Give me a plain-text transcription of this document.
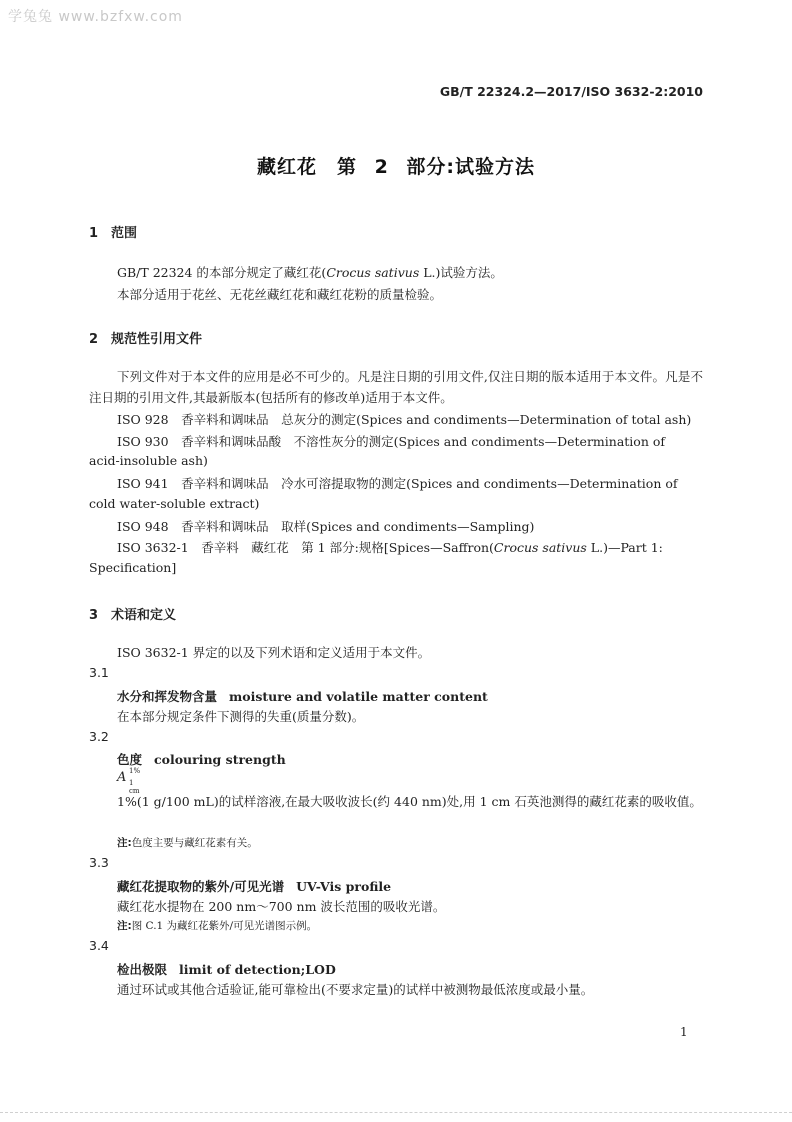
学兔兔 www.bzfxw.com
GB/T 22324.2—2017/ISO 3632-2:2010
藏红花　第 2 部分:试验方法
1 范围
GB/T 22324 的本部分规定了藏红花(Crocus sativus L.)试验方法。
本部分适用于花丝、无花丝藏红花和藏红花粉的质量检验。
2 规范性引用文件

下列文件对于本文件的应用是必不可少的。凡是注日期的引用文件,仅注日期的版本适用于本文件。凡是不注日期的引用文件,其最新版本(包括所有的修改单)适用于本文件。

ISO 928　香辛料和调味品　总灰分的测定(Spices and condiments—Determination of total ash)
ISO 930　香辛料和调味品酸　不溶性灰分的测定(Spices and condiments—Determination of
acid-insoluble ash)
ISO 941　香辛料和调味品　冷水可溶提取物的测定(Spices and condiments—Determination of
cold water-soluble extract)
ISO 948　香辛料和调味品　取样(Spices and condiments—Sampling)
ISO 3632-1　香辛料　藏红花　第 1 部分:规格[Spices—Saffron(Crocus sativus L.)—Part 1:
Specification]
3 术语和定义
ISO 3632-1 界定的以及下列术语和定义适用于本文件。
3.1
水分和挥发物含量 moisture and volatile matter content
在本部分规定条件下测得的失重(质量分数)。
3.2
色度 colouring strength
A 1%
1 cm

1%(1 g/100 mL)的试样溶液,在最大吸收波长(约 440 nm)处,用 1 cm 石英池测得的藏红花素的吸收值。

注:色度主要与藏红花素有关。
3.3
藏红花提取物的紫外/可见光谱 UV-Vis profile
藏红花水提物在 200 nm～700 nm 波长范围的吸收光谱。
注:图 C.1 为藏红花紫外/可见光谱图示例。
3.4
检出极限 limit of detection;LOD
通过环试或其他合适验证,能可靠检出(不要求定量)的试样中被测物最低浓度或最小量。
1
